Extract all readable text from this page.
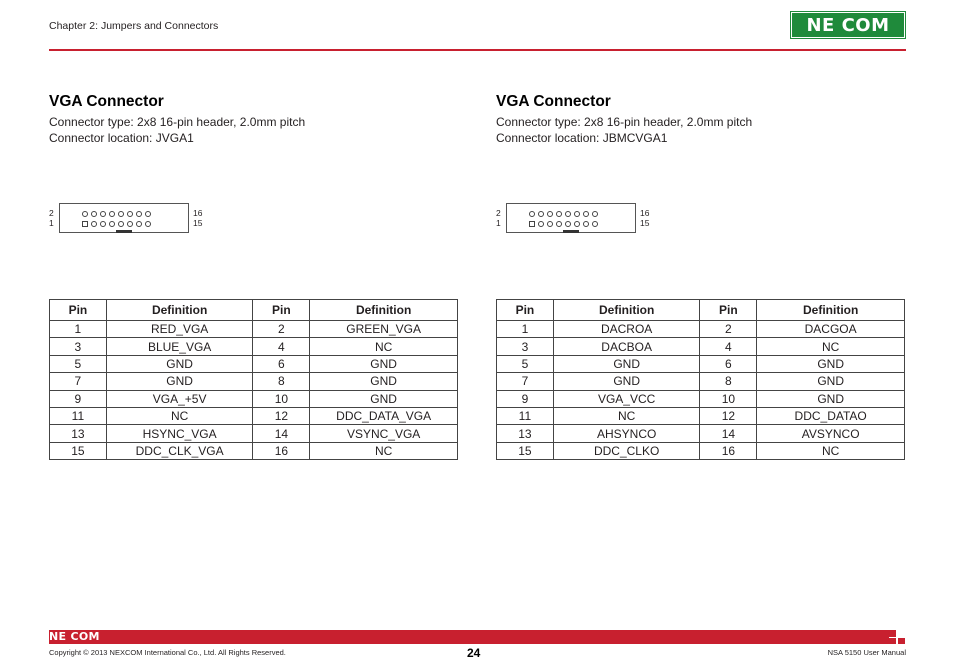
Chapter 2: Jumpers and Connectors	NE COM
VGA Connector
Connector type: 2x8 16-pin header, 2.0mm pitch
Connector location: JVGA1
2
1
16
15
Pin	Definition	Pin	Definition
1	RED_VGA	2	GREEN_VGA
3	BLUE_VGA	4	NC
5	GND	6	GND
7	GND	8	GND
9	VGA_+5V	10	GND
11	NC	12	DDC_DATA_VGA
13	HSYNC_VGA	14	VSYNC_VGA
15	DDC_CLK_VGA	16	NC
VGA Connector
Connector type: 2x8 16-pin header, 2.0mm pitch
Connector location: JBMCVGA1
2
1
16
15
Pin	Definition	Pin	Definition
1	DACROA	2	DACGOA
3	DACBOA	4	NC
5	GND	6	GND
7	GND	8	GND
9	VGA_VCC	10	GND
11	NC	12	DDC_DATAO
13	AHSYNCO	14	AVSYNCO
15	DDC_CLKO	16	NC
NE COM
Copyright © 2013 NEXCOM International Co., Ltd. All Rights Reserved.	24	NSA 5150 User Manual
